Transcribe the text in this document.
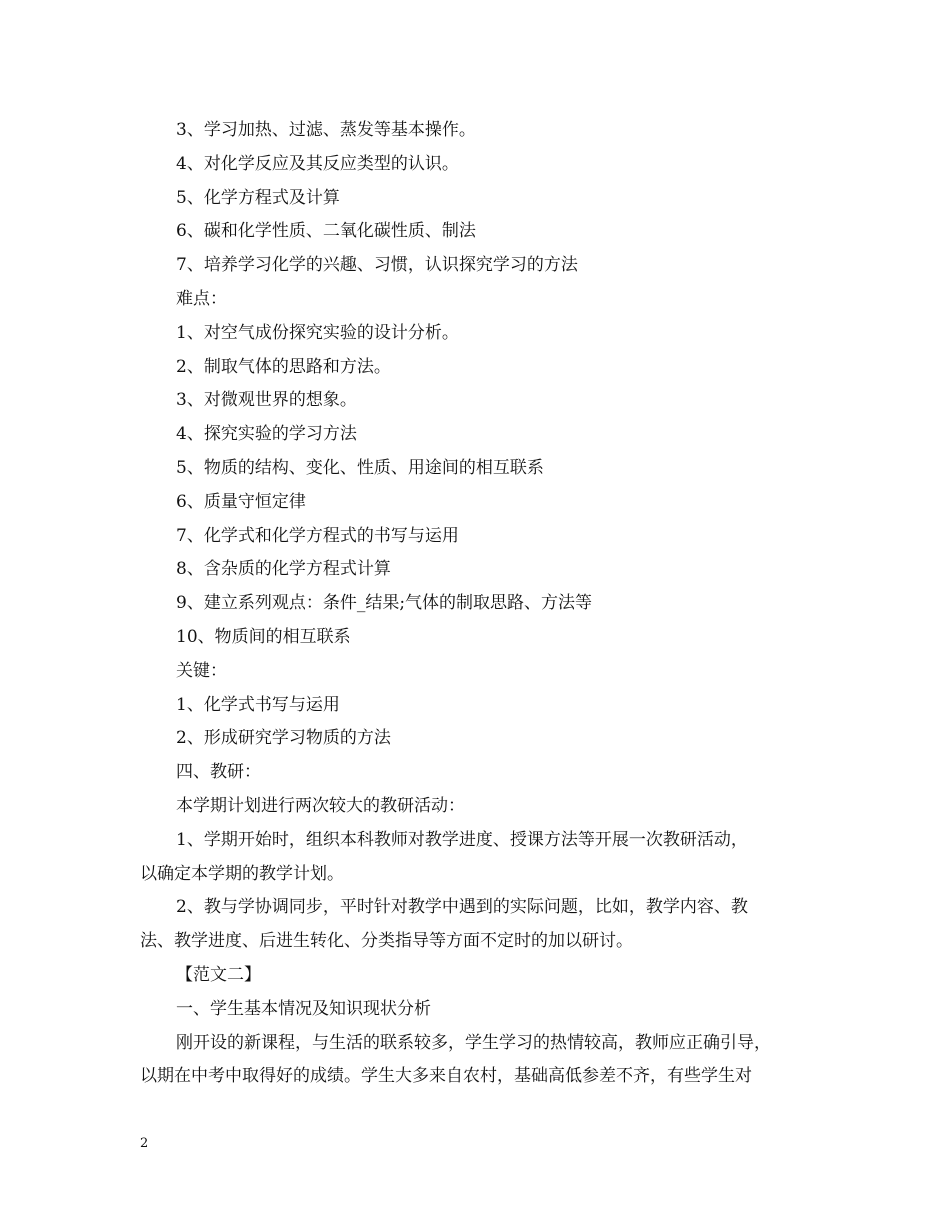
3、学习加热、过滤、蒸发等基本操作。
4、对化学反应及其反应类型的认识。
5、化学方程式及计算
6、碳和化学性质、二氧化碳性质、制法
7、培养学习化学的兴趣、习惯，认识探究学习的方法
难点：
1、对空气成份探究实验的设计分析。
2、制取气体的思路和方法。
3、对微观世界的想象。
4、探究实验的学习方法
5、物质的结构、变化、性质、用途间的相互联系
6、质量守恒定律
7、化学式和化学方程式的书写与运用
8、含杂质的化学方程式计算
9、建立系列观点：条件_结果;气体的制取思路、方法等
10、物质间的相互联系
关键：
1、化学式书写与运用
2、形成研究学习物质的方法
四、教研：
本学期计划进行两次较大的教研活动：
1、学期开始时，组织本科教师对教学进度、授课方法等开展一次教研活动，
以确定本学期的教学计划。
2、教与学协调同步，平时针对教学中遇到的实际问题，比如，教学内容、教
法、教学进度、后进生转化、分类指导等方面不定时的加以研讨。
【范文二】
一、学生基本情况及知识现状分析
刚开设的新课程，与生活的联系较多，学生学习的热情较高，教师应正确引导，
以期在中考中取得好的成绩。学生大多来自农村，基础高低参差不齐，有些学生对
2
